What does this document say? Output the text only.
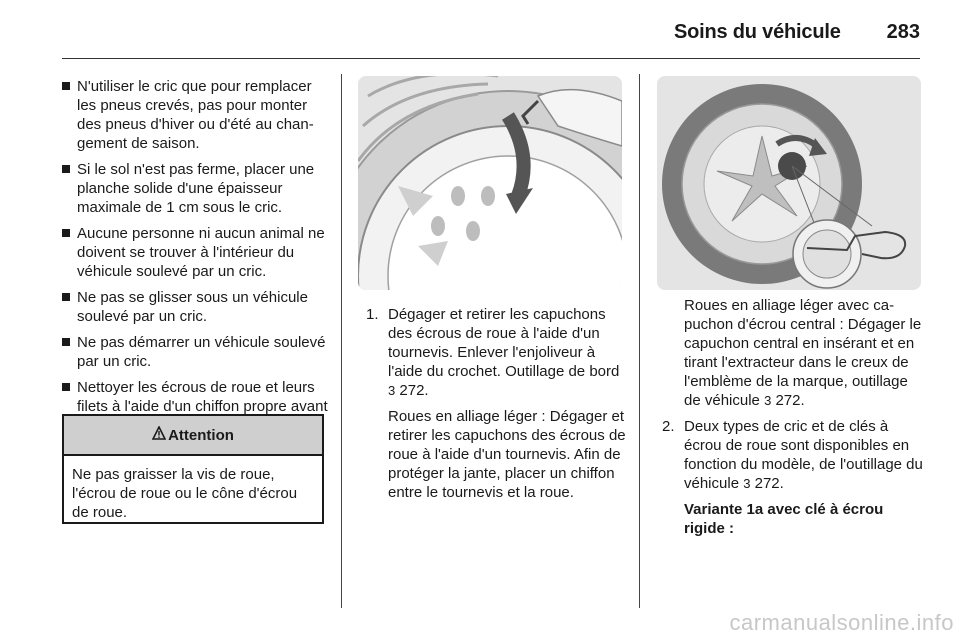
Soins du véhicule 283
N'utiliser le cric que pour remplacer les pneus crevés, pas pour monter des pneus d'hiver ou d'été au changement de saison.
Si le sol n'est pas ferme, placer une planche solide d'une épaisseur maximale de 1 cm sous le cric.
Aucune personne ni aucun animal ne doivent se trouver à l'intérieur du véhicule soulevé par un cric.
Ne pas se glisser sous un véhicule soulevé par un cric.
Ne pas démarrer un véhicule soulevé par un cric.
Nettoyer les écrous de roue et leurs filets à l'aide d'un chiffon propre avant
Attention
Ne pas graisser la vis de roue, l'écrou de roue ou le cône d'écrou de roue.
1. Dégager et retirer les capuchons des écrous de roue à l'aide d'un tournevis. Enlever l'enjoliveur à l'aide du crochet. Outillage de bord 3 272.
Roues en alliage léger : Dégager et retirer les capuchons des écrous de roue à l'aide d'un tournevis. Afin de protéger la jante, placer un chiffon entre le tournevis et la roue.
Roues en alliage léger avec capuchon d'écrou central : Dégager le capuchon central en insérant et en tirant l'extracteur dans le creux de l'emblème de la marque, outillage de véhicule 3 272.
2. Deux types de cric et de clés à écrou de roue sont disponibles en fonction du modèle, de l'outillage du véhicule 3 272.
Variante 1a avec clé à écrou rigide :
carmanualsonline.info
